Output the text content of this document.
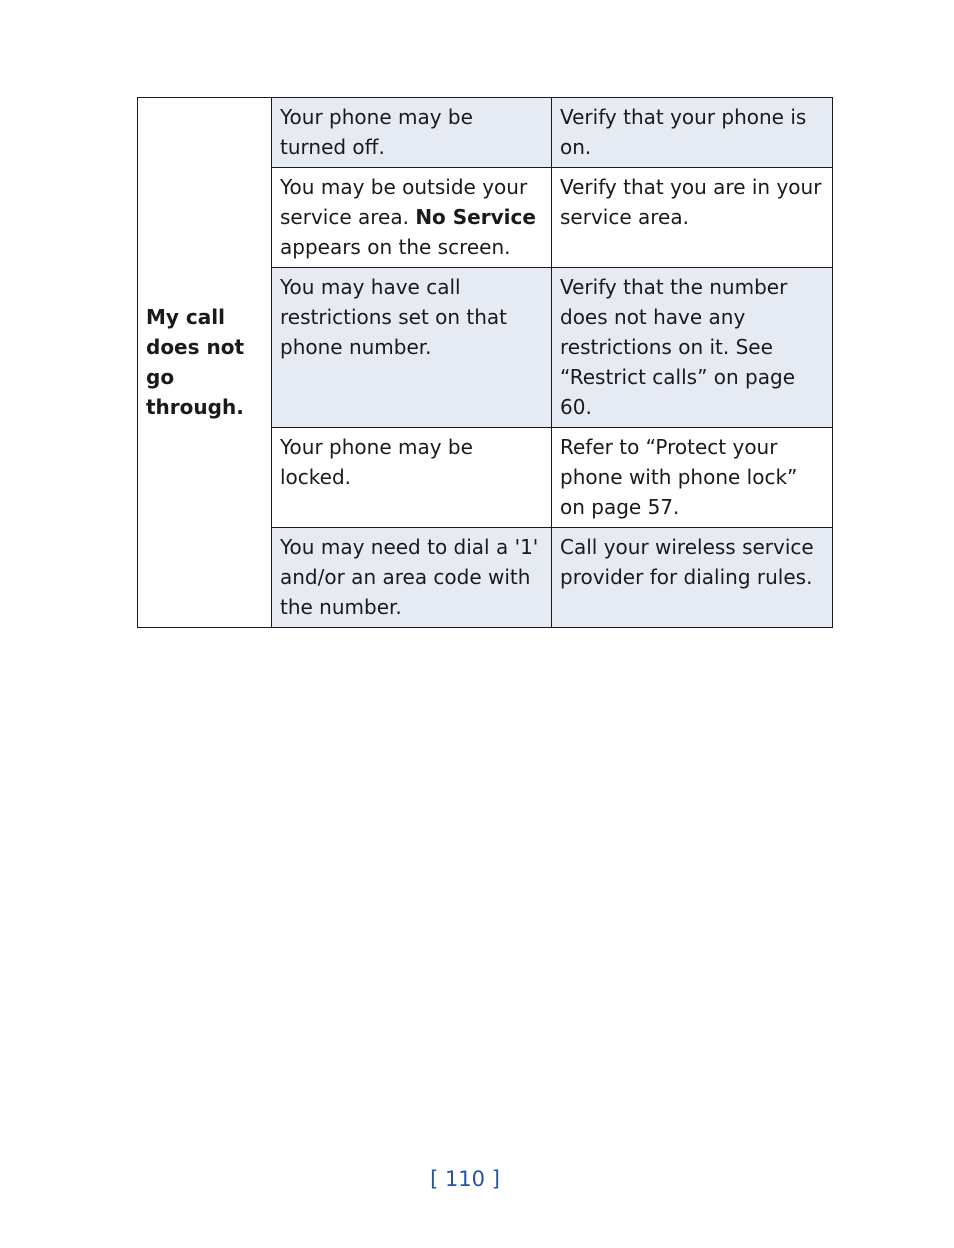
My call does not go through.	Your phone may be turned off.	Verify that your phone is on.
	You may be outside your service area. No Service appears on the screen.	Verify that you are in your service area.
	You may have call restrictions set on that phone number.	Verify that the number does not have any restrictions on it. See “Restrict calls” on page 60.
	Your phone may be locked.	Refer to “Protect your phone with phone lock” on page 57.
	You may need to dial a '1' and/or an area code with the number.	Call your wireless service provider for dialing rules.
[ 110 ]
